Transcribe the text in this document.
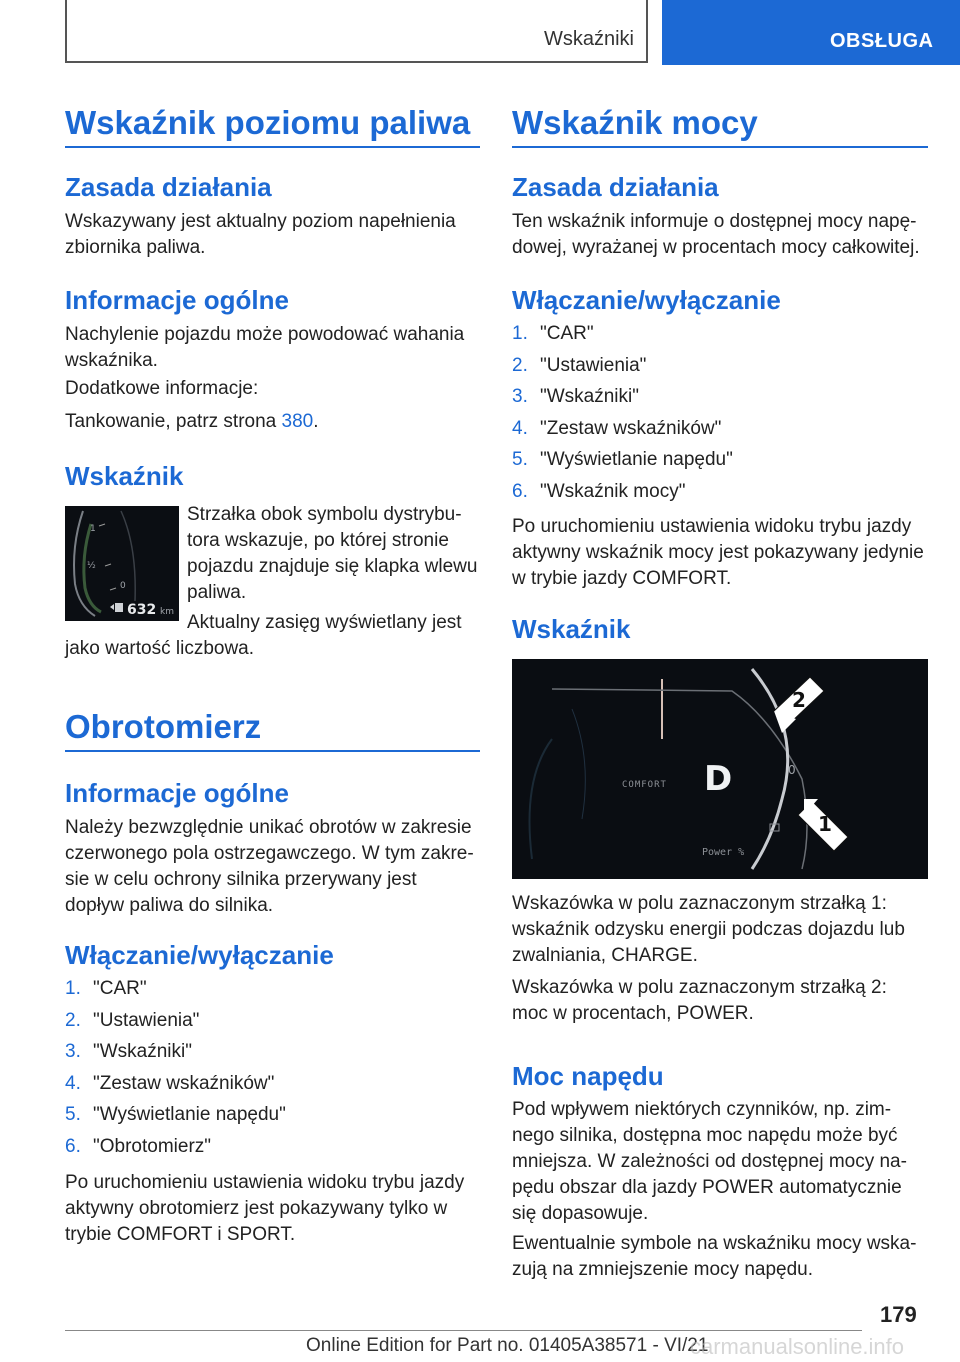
Wskaźniki	OBSŁUGA
Wskaźnik poziomu paliwa
Zasada działania

Wskazywany jest aktualny poziom napełnienia zbiornika paliwa.

Informacje ogólne

Nachylenie pojazdu może powodować wahania wskaźnika.

Dodatkowe informacje:

Tankowanie, patrz strona 380.

Wskaźnik

Strzałka obok symbolu dystrybu-

tora wskazuje, po której stronie

pojazdu znajduje się klapka wlewu

paliwa.

Aktualny zasięg wyświetlany jest

jako wartość liczbowa.

Obrotomierz
Informacje ogólne

Należy bezwzględnie unikać obrotów w zakresie czerwonego pola ostrzegawczego. W tym zakre- sie w celu ochrony silnika przerywany jest dopływ paliwa do silnika.

Włączanie/wyłączanie
1. "CAR"
2. "Ustawienia"
3. "Wskaźniki"
4. "Zestaw wskaźników"
5. "Wyświetlanie napędu"
6. "Obrotomierz"

Po uruchomieniu ustawienia widoku trybu jazdy aktywny obrotomierz jest pokazywany tylko w trybie COMFORT i SPORT.

1
½
0
632 km
Wskaźnik mocy
Zasada działania

Ten wskaźnik informuje o dostępnej mocy napę- dowej, wyrażanej w procentach mocy całkowitej.

Włączanie/wyłączanie
1. "CAR"
2. "Ustawienia"
3. "Wskaźniki"
4. "Zestaw wskaźników"
5. "Wyświetlanie napędu"
6. "Wskaźnik mocy"

Po uruchomieniu ustawienia widoku trybu jazdy aktywny wskaźnik mocy jest pokazywany jedynie w trybie jazdy COMFORT.

Wskaźnik

Wskazówka w polu zaznaczonym strzałką 1: wskaźnik odzysku energii podczas dojazdu lub zwalniania, CHARGE.

Wskazówka w polu zaznaczonym strzałką 2: moc w procentach, POWER.

Moc napędu

Pod wpływem niektórych czynników, np. zim- nego silnika, dostępna moc napędu może być mniejsza. W zależności od dostępnej mocy na- pędu obszar dla jazdy POWER automatycznie się dopasowuje.

Ewentualnie symbole na wskaźniku mocy wska- zują na zmniejszenie mocy napędu.

COMFORT D	0
Power %
2
1
179
Online Edition for Part no. 01405A38571 - VI/21
carmanualsonline.info
